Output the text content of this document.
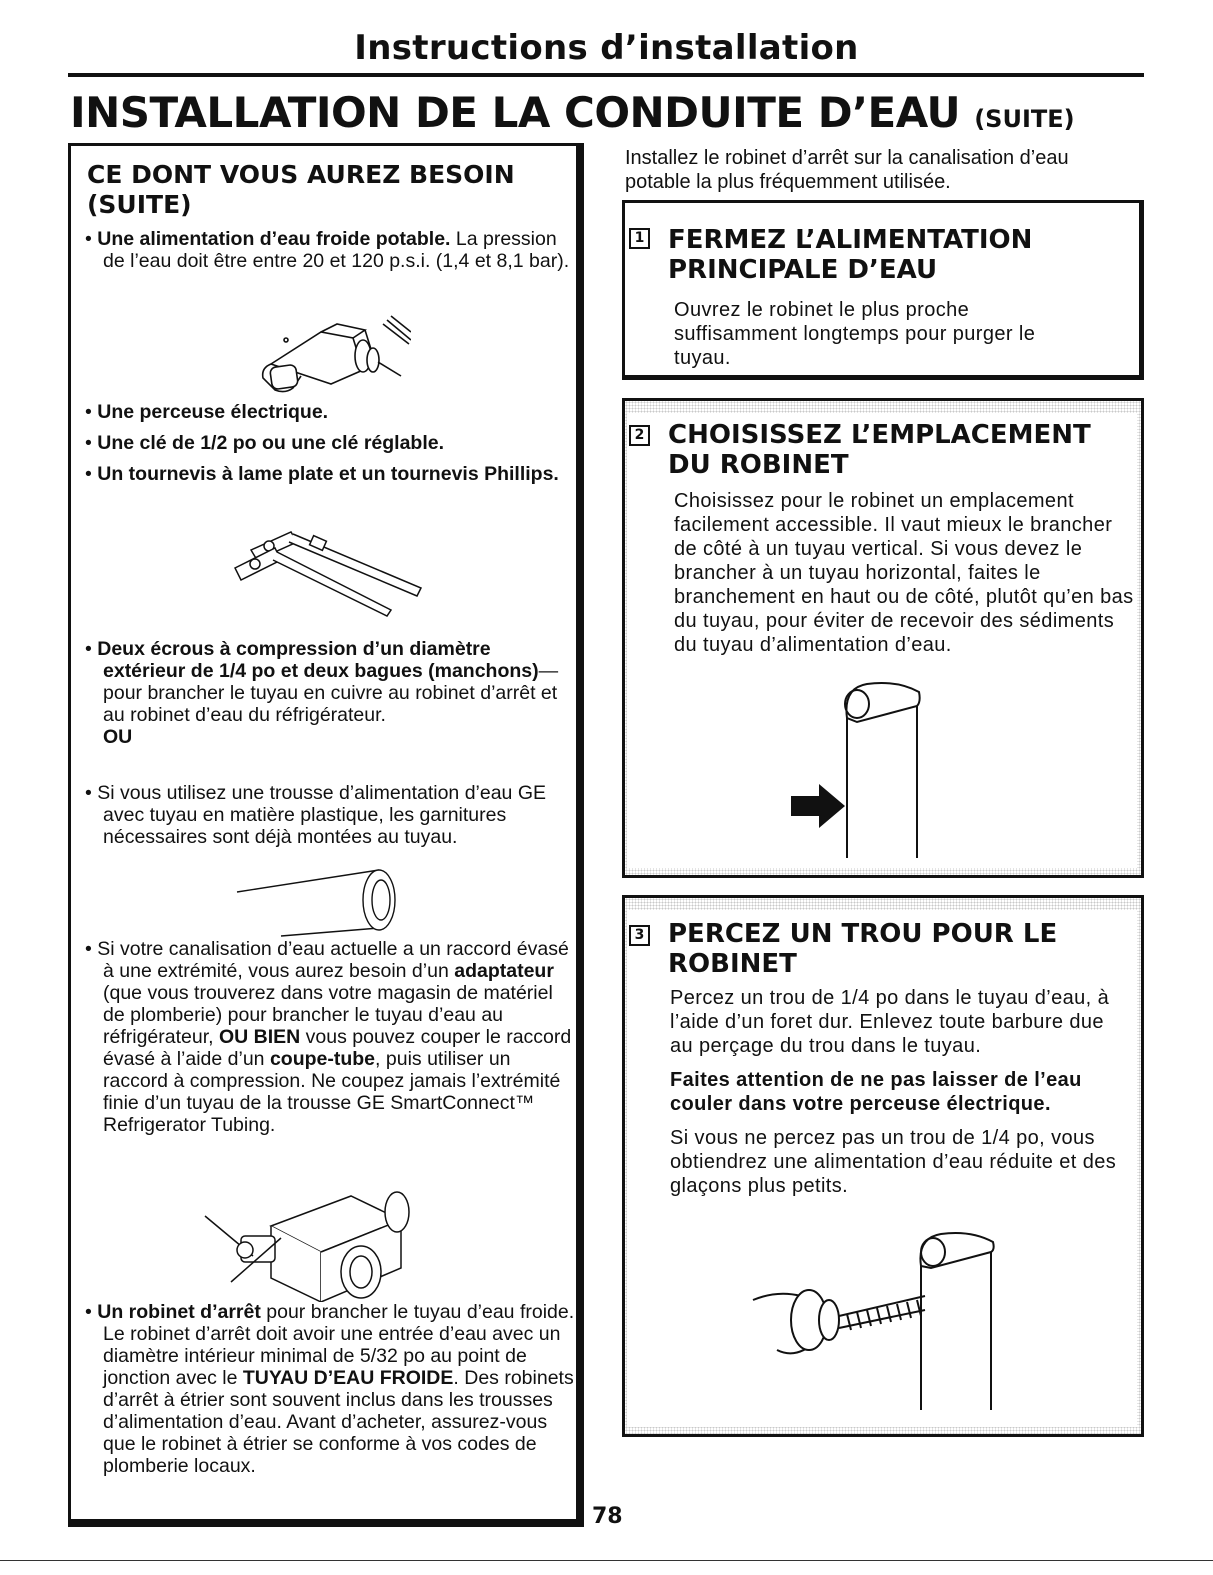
Instructions d’installation
INSTALLATION DE LA CONDUITE D’EAU (SUITE)
CE DONT VOUS AUREZ BESOIN (SUITE)
• Une alimentation d’eau froide potable. La pression de l’eau doit être entre 20 et 120 p.s.i. (1,4 et 8,1 bar).
• Une perceuse électrique.
• Une clé de 1/2 po ou une clé réglable.
• Un tournevis à lame plate et un tournevis Phillips.
• Deux écrous à compression d’un diamètre extérieur de 1/4 po et deux bagues (manchons)—pour brancher le tuyau en cuivre au robinet d’arrêt et au robinet d’eau du réfrigérateur.
OU
• Si vous utilisez une trousse d’alimentation d’eau GE avec tuyau en matière plastique, les garnitures nécessaires sont déjà montées au tuyau.
• Si votre canalisation d’eau actuelle a un raccord évasé à une extrémité, vous aurez besoin d’un adaptateur (que vous trouverez dans votre magasin de matériel de plomberie) pour brancher le tuyau d’eau au réfrigérateur, OU BIEN vous pouvez couper le raccord évasé à l’aide d’un coupe-tube, puis utiliser un raccord à compression. Ne coupez jamais l’extrémité finie d’un tuyau de la trousse GE SmartConnect™ Refrigerator Tubing.
• Un robinet d’arrêt pour brancher le tuyau d’eau froide. Le robinet d’arrêt doit avoir une entrée d’eau avec un diamètre intérieur minimal de 5/32 po au point de jonction avec le TUYAU D’EAU FROIDE. Des robinets d’arrêt à étrier sont souvent inclus dans les trousses d’alimentation d’eau. Avant d’acheter, assurez-vous que le robinet à étrier se conforme à vos codes de plomberie locaux.
Installez le robinet d’arrêt sur la canalisation d’eau potable la plus fréquemment utilisée.
1 FERMEZ L’ALIMENTATION PRINCIPALE D’EAU
Ouvrez le robinet le plus proche suffisamment longtemps pour purger le tuyau.
2 CHOISISSEZ L’EMPLACEMENT DU ROBINET
Choisissez pour le robinet un emplacement facilement accessible. Il vaut mieux le brancher de côté à un tuyau vertical. Si vous devez le brancher à un tuyau horizontal, faites le branchement en haut ou de côté, plutôt qu’en bas du tuyau, pour éviter de recevoir des sédiments du tuyau d’alimentation d’eau.
3 PERCEZ UN TROU POUR LE ROBINET

Percez un trou de 1/4 po dans le tuyau d’eau, à l’aide d’un foret dur. Enlevez toute barbure due au perçage du trou dans le tuyau.

Faites attention de ne pas laisser de l’eau couler dans votre perceuse électrique.

Si vous ne percez pas un trou de 1/4 po, vous obtiendrez une alimentation d’eau réduite et des glaçons plus petits.

78
